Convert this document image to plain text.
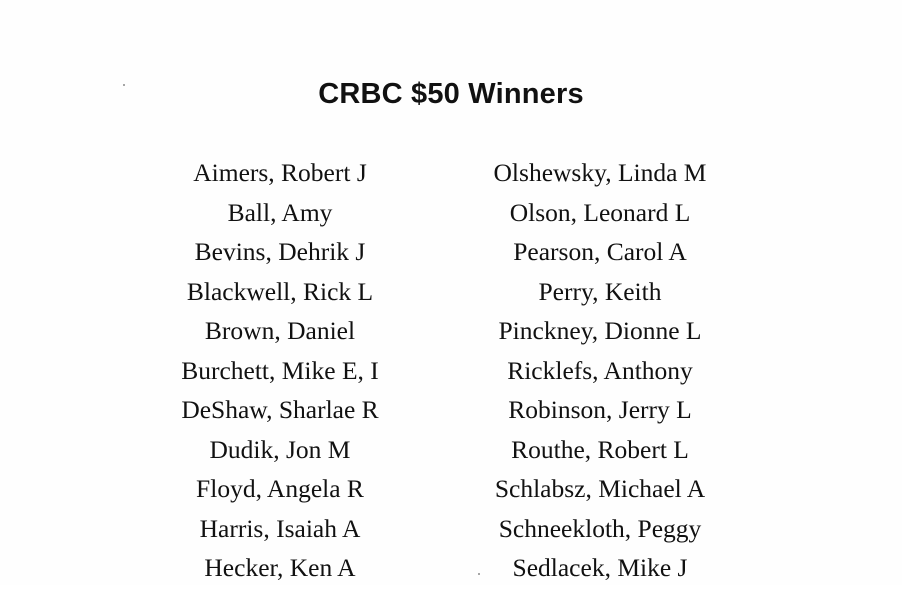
CRBC $50 Winners
Aimers, Robert J
Ball, Amy
Bevins, Dehrik J
Blackwell, Rick L
Brown, Daniel
Burchett, Mike E, I
DeShaw, Sharlae R
Dudik, Jon M
Floyd, Angela R
Harris, Isaiah A
Hecker, Ken A
Olshewsky, Linda M
Olson, Leonard L
Pearson, Carol A
Perry, Keith
Pinckney, Dionne L
Ricklefs, Anthony
Robinson, Jerry L
Routhe, Robert L
Schlabsz, Michael A
Schneekloth, Peggy
Sedlacek, Mike J
